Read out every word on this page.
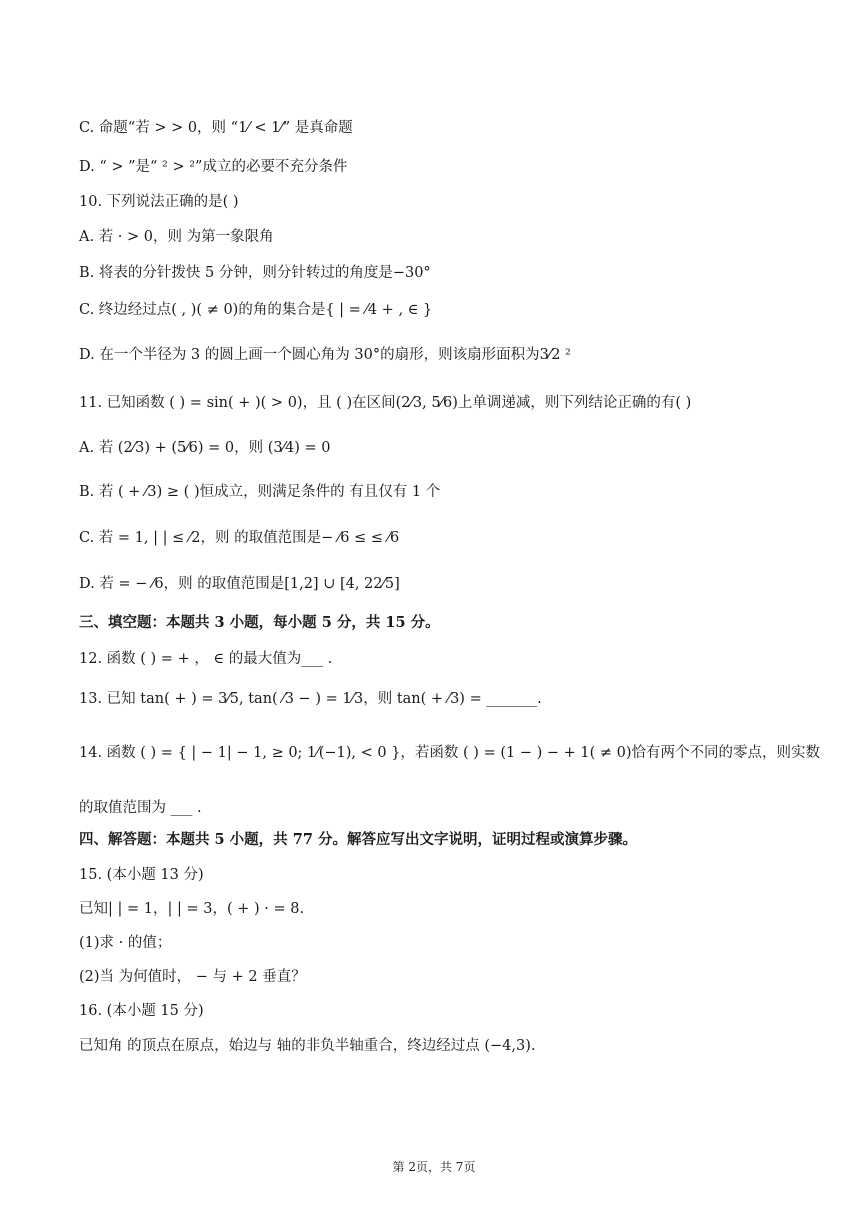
C. 命题“若 > > 0，则 “1⁄ < 1⁄” 是真命题
D. “ > ”是“ ² > ²”成立的必要不充分条件
10. 下列说法正确的是( )
A. 若 · > 0，则 为第一象限角
B. 将表的分针拨快 5 分钟，则分针转过的角度是−30°
C. 终边经过点( , )( ≠ 0)的角的集合是{ | = ⁄4 + , ∈ }
D. 在一个半径为 3 的圆上画一个圆心角为 30°的扇形，则该扇形面积为3⁄2 ²
11. 已知函数 ( ) = sin( + )( > 0)，且 ( )在区间(2⁄3, 5⁄6)上单调递减，则下列结论正确的有( )
A. 若 (2⁄3) + (5⁄6) = 0，则 (3⁄4) = 0
B. 若 ( + ⁄3) ≥ ( )恒成立，则满足条件的 有且仅有 1 个
C. 若 = 1, | | ≤ ⁄2，则 的取值范围是− ⁄6 ≤ ≤ ⁄6
D. 若 = − ⁄6，则 的取值范围是[1,2] ∪ [4, 22⁄5]
三、填空题：本题共 3 小题，每小题 5 分，共 15 分。
12. 函数 ( ) = + ， ∈ 的最大值为___ .
13. 已知 tan( + ) = 3⁄5, tan( ⁄3 − ) = 1⁄3，则 tan( + ⁄3) = _______.
14. 函数 ( ) = { | − 1| − 1, ≥ 0; 1⁄(−1), < 0 }，若函数 ( ) = (1 − ) − + 1( ≠ 0)恰有两个不同的零点，则实数
的取值范围为 ___ .
四、解答题：本题共 5 小题，共 77 分。解答应写出文字说明，证明过程或演算步骤。
15. (本小题 13 分)
已知| | = 1，| | = 3，( + ) · = 8.
(1)求 · 的值；
(2)当 为何值时， − 与 + 2 垂直？
16. (本小题 15 分)
已知角 的顶点在原点，始边与 轴的非负半轴重合，终边经过点 (−4,3).
第 2页，共 7页
